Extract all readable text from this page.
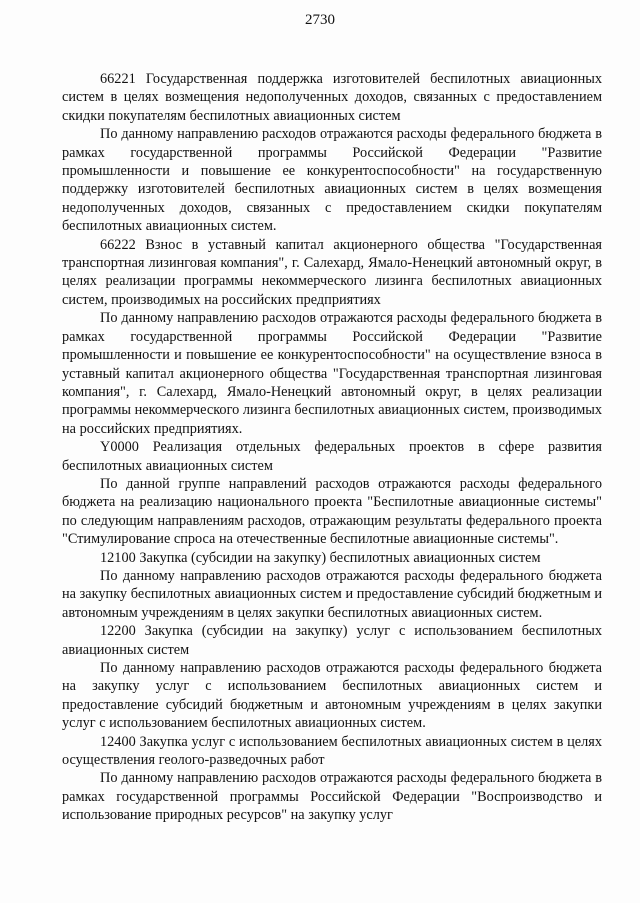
2730

66221 Государственная поддержка изготовителей беспилотных авиационных систем в целях возмещения недополученных доходов, связанных с предоставлением скидки покупателям беспилотных авиационных систем

По данному направлению расходов отражаются расходы федерального бюджета в рамках государственной программы Российской Федерации "Развитие промышленности и повышение ее конкурентоспособности" на государственную поддержку изготовителей беспилотных авиационных систем в целях возмещения недополученных доходов, связанных с предоставлением скидки покупателям беспилотных авиационных систем.

66222 Взнос в уставный капитал акционерного общества "Государственная транспортная лизинговая компания", г. Салехард, Ямало-Ненецкий автономный округ, в целях реализации программы некоммерческого лизинга беспилотных авиационных систем, производимых на российских предприятиях

По данному направлению расходов отражаются расходы федерального бюджета в рамках государственной программы Российской Федерации "Развитие промышленности и повышение ее конкурентоспособности" на осуществление взноса в уставный капитал акционерного общества "Государственная транспортная лизинговая компания", г. Салехард, Ямало-Ненецкий автономный округ, в целях реализации программы некоммерческого лизинга беспилотных авиационных систем, производимых на российских предприятиях.

Y0000 Реализация отдельных федеральных проектов в сфере развития беспилотных авиационных систем

По данной группе направлений расходов отражаются расходы федерального бюджета на реализацию национального проекта "Беспилотные авиационные системы" по следующим направлениям расходов, отражающим результаты федерального проекта "Стимулирование спроса на отечественные беспилотные авиационные системы".

12100 Закупка (субсидии на закупку) беспилотных авиационных систем

По данному направлению расходов отражаются расходы федерального бюджета на закупку беспилотных авиационных систем и предоставление субсидий бюджетным и автономным учреждениям в целях закупки беспилотных авиационных систем.

12200 Закупка (субсидии на закупку) услуг с использованием беспилотных авиационных систем

По данному направлению расходов отражаются расходы федерального бюджета на закупку услуг с использованием беспилотных авиационных систем и предоставление субсидий бюджетным и автономным учреждениям в целях закупки услуг с использованием беспилотных авиационных систем.

12400 Закупка услуг с использованием беспилотных авиационных систем в целях осуществления геолого-разведочных работ

По данному направлению расходов отражаются расходы федерального бюджета в рамках государственной программы Российской Федерации "Воспроизводство и использование природных ресурсов" на закупку услуг
